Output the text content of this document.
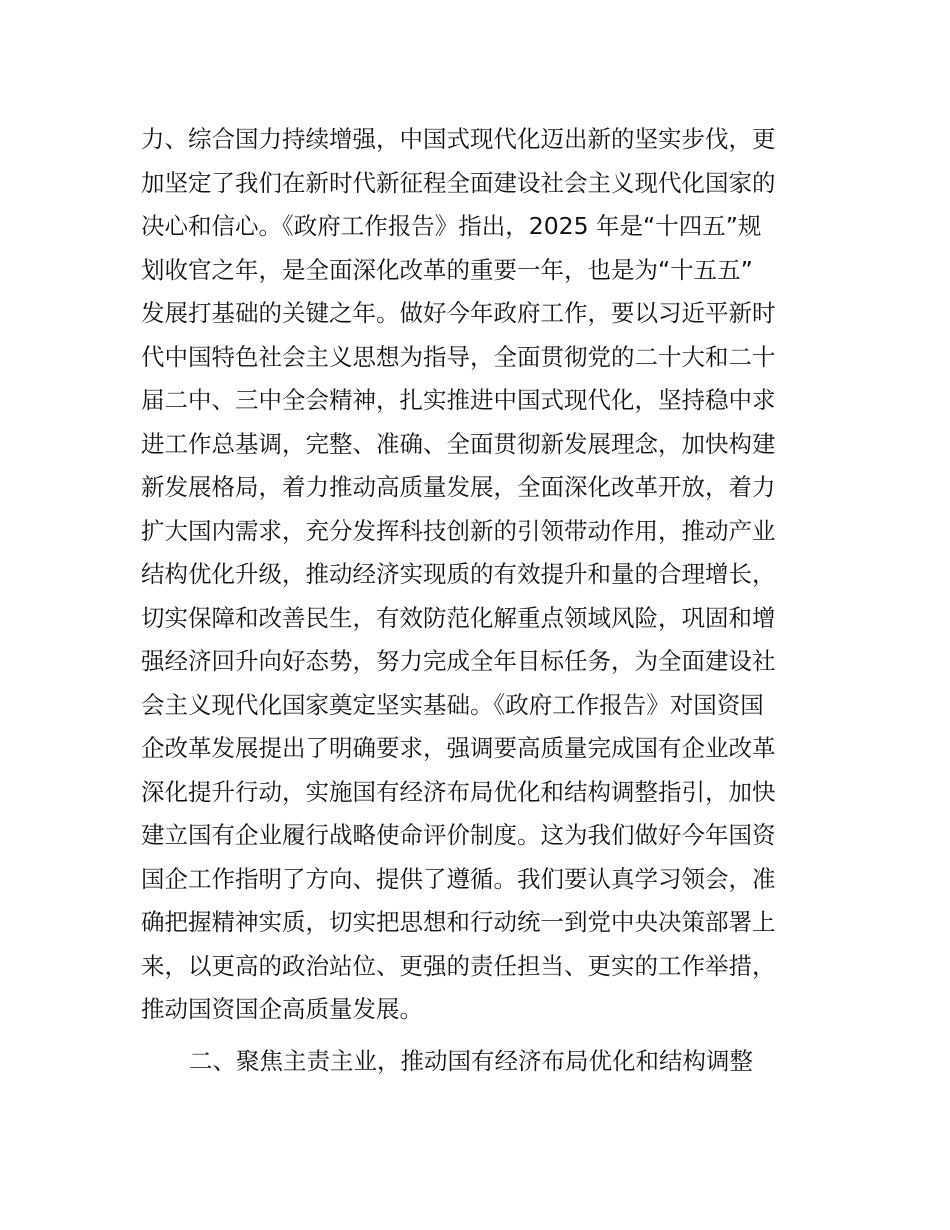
力、综合国力持续增强，中国式现代化迈出新的坚实步伐，更
加坚定了我们在新时代新征程全面建设社会主义现代化国家的
决心和信心。《政府工作报告》指出，2025 年是“十四五”规
划收官之年，是全面深化改革的重要一年，也是为“十五五”
发展打基础的关键之年。做好今年政府工作，要以习近平新时
代中国特色社会主义思想为指导，全面贯彻党的二十大和二十
届二中、三中全会精神，扎实推进中国式现代化，坚持稳中求
进工作总基调，完整、准确、全面贯彻新发展理念，加快构建
新发展格局，着力推动高质量发展，全面深化改革开放，着力
扩大国内需求，充分发挥科技创新的引领带动作用，推动产业
结构优化升级，推动经济实现质的有效提升和量的合理增长，
切实保障和改善民生，有效防范化解重点领域风险，巩固和增
强经济回升向好态势，努力完成全年目标任务，为全面建设社
会主义现代化国家奠定坚实基础。《政府工作报告》对国资国
企改革发展提出了明确要求，强调要高质量完成国有企业改革
深化提升行动，实施国有经济布局优化和结构调整指引，加快
建立国有企业履行战略使命评价制度。这为我们做好今年国资
国企工作指明了方向、提供了遵循。我们要认真学习领会，准
确把握精神实质，切实把思想和行动统一到党中央决策部署上
来，以更高的政治站位、更强的责任担当、更实的工作举措，
推动国资国企高质量发展。
二、聚焦主责主业，推动国有经济布局优化和结构调整
